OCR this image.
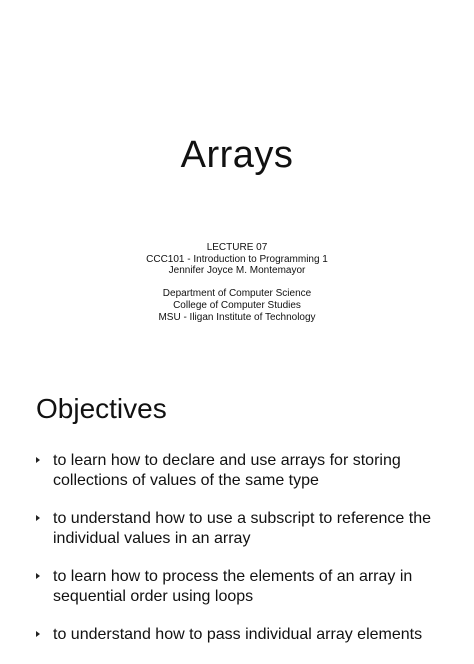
Arrays
LECTURE 07
CCC101 - Introduction to Programming 1
Jennifer Joyce M. Montemayor
Department of Computer Science
College of Computer Studies
MSU - Iligan Institute of Technology
Objectives
to learn how to declare and use arrays for storing collections of values of the same type
to understand how to use a subscript to reference the individual values in an array
to learn how to process the elements of an array in sequential order using loops
to understand how to pass individual array elements
